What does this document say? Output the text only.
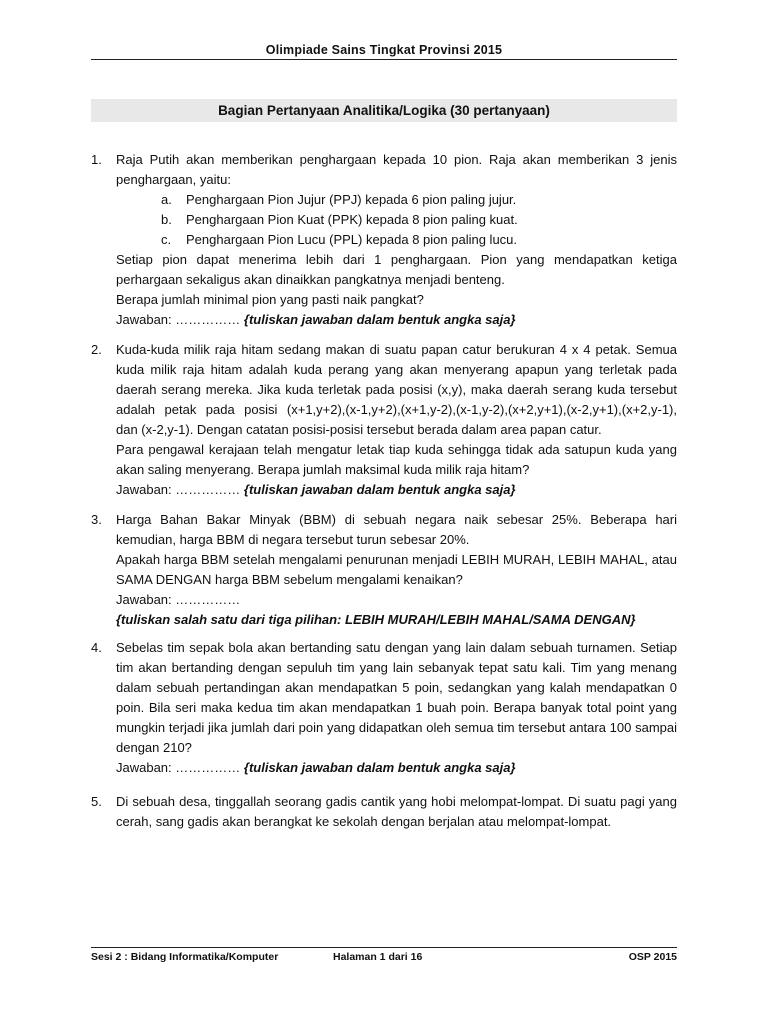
Olimpiade Sains Tingkat Provinsi 2015
Bagian Pertanyaan Analitika/Logika (30 pertanyaan)
1.	Raja Putih akan memberikan penghargaan kepada 10 pion. Raja akan memberikan 3 jenis penghargaan, yaitu:

a. Penghargaan Pion Jujur (PPJ) kepada 6 pion paling jujur.
b. Penghargaan Pion Kuat (PPK) kepada 8 pion paling kuat.
c. Penghargaan Pion Lucu (PPL) kepada 8 pion paling lucu.

Setiap pion dapat menerima lebih dari 1 penghargaan. Pion yang mendapatkan ketiga perhargaan sekaligus akan dinaikkan pangkatnya menjadi benteng.

Berapa jumlah minimal pion yang pasti naik pangkat?

Jawaban: …………… {tuliskan jawaban dalam bentuk angka saja}

2.	Kuda-kuda milik raja hitam sedang makan di suatu papan catur berukuran 4 x 4 petak. Semua kuda milik raja hitam adalah kuda perang yang akan menyerang apapun yang terletak pada daerah serang mereka. Jika kuda terletak pada posisi (x,y), maka daerah serang kuda tersebut adalah petak pada posisi (x+1,y+2),(x-1,y+2),(x+1,y-2),(x-1,y-2),(x+2,y+1),(x-2,y+1),(x+2,y-1), dan (x-2,y-1). Dengan catatan posisi-posisi tersebut berada dalam area papan catur.

Para pengawal kerajaan telah mengatur letak tiap kuda sehingga tidak ada satupun kuda yang akan saling menyerang. Berapa jumlah maksimal kuda milik raja hitam?

Jawaban: …………… {tuliskan jawaban dalam bentuk angka saja}

3.	Harga Bahan Bakar Minyak (BBM) di sebuah negara naik sebesar 25%. Beberapa hari kemudian, harga BBM di negara tersebut turun sebesar 20%.

Apakah harga BBM setelah mengalami penurunan menjadi LEBIH MURAH, LEBIH MAHAL, atau SAMA DENGAN harga BBM sebelum mengalami kenaikan?

Jawaban: ……………

{tuliskan salah satu dari tiga pilihan: LEBIH MURAH/LEBIH MAHAL/SAMA DENGAN}

4.	Sebelas tim sepak bola akan bertanding satu dengan yang lain dalam sebuah turnamen. Setiap tim akan bertanding dengan sepuluh tim yang lain sebanyak tepat satu kali. Tim yang menang dalam sebuah pertandingan akan mendapatkan 5 poin, sedangkan yang kalah mendapatkan 0 poin. Bila seri maka kedua tim akan mendapatkan 1 buah poin. Berapa banyak total point yang mungkin terjadi jika jumlah dari poin yang didapatkan oleh semua tim tersebut antara 100 sampai dengan 210?

Jawaban: …………… {tuliskan jawaban dalam bentuk angka saja}

5.	Di sebuah desa, tinggallah seorang gadis cantik yang hobi melompat-lompat. Di suatu pagi yang cerah, sang gadis akan berangkat ke sekolah dengan berjalan atau melompat-lompat.

Sesi 2 : Bidang Informatika/Komputer	Halaman 1 dari 16	OSP 2015
